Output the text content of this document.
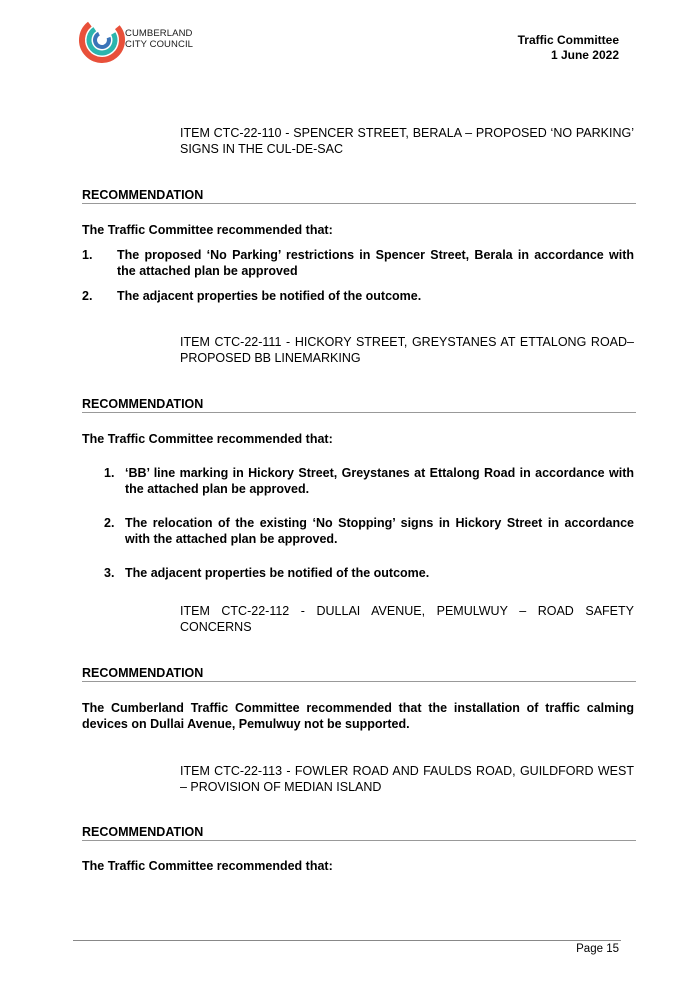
CUMBERLAND
CITY COUNCIL	Traffic Committee
1 June 2022
ITEM CTC-22-110 - SPENCER STREET, BERALA – PROPOSED ‘NO PARKING’ SIGNS IN THE CUL-DE-SAC
RECOMMENDATION
The Traffic Committee recommended that:
1. The proposed ‘No Parking’ restrictions in Spencer Street, Berala in accordance with the attached plan be approved
2. The adjacent properties be notified of the outcome.
ITEM CTC-22-111 - HICKORY STREET, GREYSTANES AT ETTALONG ROAD– PROPOSED BB LINEMARKING
RECOMMENDATION
The Traffic Committee recommended that:
1. ‘BB’ line marking in Hickory Street, Greystanes at Ettalong Road in accordance with the attached plan be approved.
2. The relocation of the existing ‘No Stopping’ signs in Hickory Street in accordance with the attached plan be approved.
3. The adjacent properties be notified of the outcome.
ITEM CTC-22-112 - DULLAI AVENUE, PEMULWUY – ROAD SAFETY CONCERNS
RECOMMENDATION
The Cumberland Traffic Committee recommended that the installation of traffic calming devices on Dullai Avenue, Pemulwuy not be supported.
ITEM CTC-22-113 - FOWLER ROAD AND FAULDS ROAD, GUILDFORD WEST – PROVISION OF MEDIAN ISLAND
RECOMMENDATION
The Traffic Committee recommended that:
Page 15
